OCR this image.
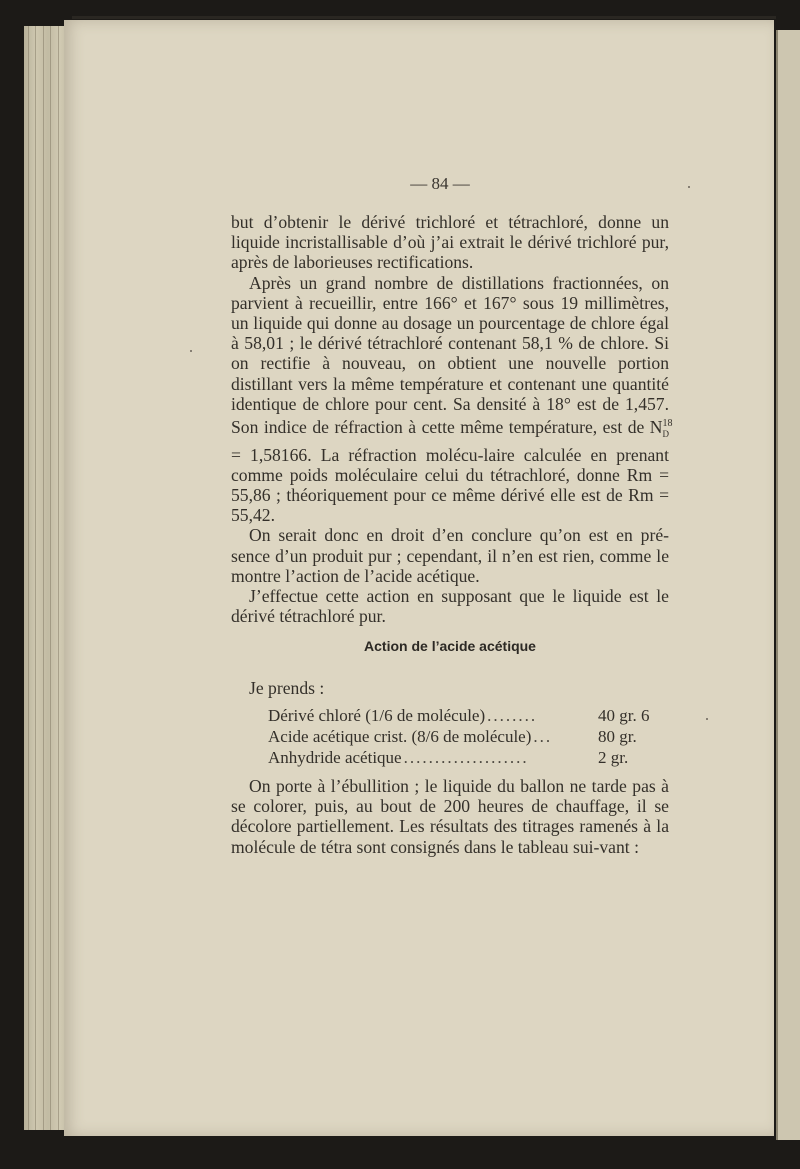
— 84 —

but d’obtenir le dérivé trichloré et tétrachloré, donne un liquide incristallisable d’où j’ai extrait le dérivé trichloré pur, après de laborieuses rectifications.

Après un grand nombre de distillations fractionnées, on parvient à recueillir, entre 166° et 167° sous 19 millimètres, un liquide qui donne au dosage un pourcentage de chlore égal à 58,01 ; le dérivé tétrachloré contenant 58,1 % de chlore. Si on rectifie à nouveau, on obtient une nouvelle portion distillant vers la même température et contenant une quantité identique de chlore pour cent. Sa densité à 18° est de 1,457. Son indice de réfraction à cette même température, est de $N^{18}_D = 1,58166$. La réfraction molécu-laire calculée en prenant comme poids moléculaire celui du tétrachloré, donne Rm = 55,86 ; théoriquement pour ce même dérivé elle est de Rm = 55,42.

On serait donc en droit d’en conclure qu’on est en pré-sence d’un produit pur ; cependant, il n’en est rien, comme le montre l’action de l’acide acétique.

J’effectue cette action en supposant que le liquide est le dérivé tétrachloré pur.

Action de l’acide acétique
Je prends :
Dérivé chloré (1/6 de molécule) ........	40 gr. 6
Acide acétique crist. (8/6 de molécule) ...	80 gr.
Anhydride acétique ....................	2 gr.

On porte à l’ébullition ; le liquide du ballon ne tarde pas à se colorer, puis, au bout de 200 heures de chauffage, il se décolore partiellement. Les résultats des titrages ramenés à la molécule de tétra sont consignés dans le tableau sui-vant :
